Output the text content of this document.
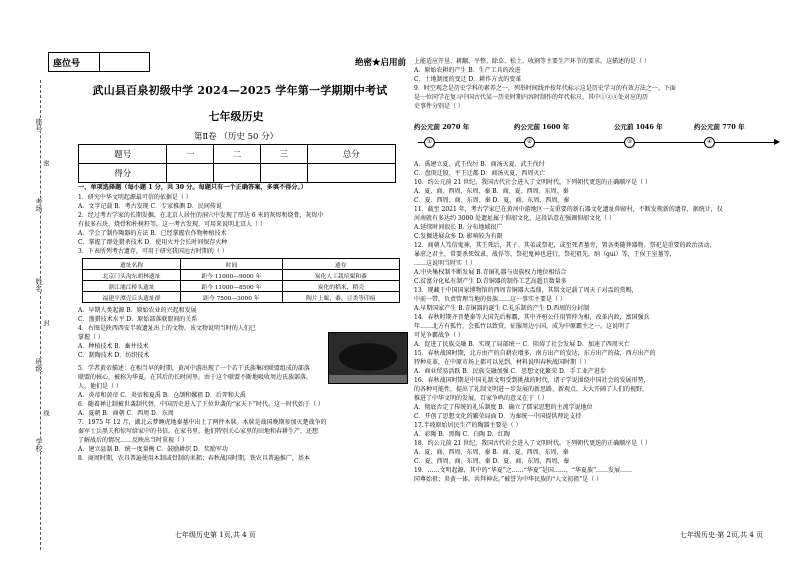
座号
考场
姓名
班级
学校
密
封
线
座位号	绝密★启用前
武山县百泉初级中学 2024—2025 学年第一学期期中考试
七年级历史
第Ⅱ卷 （历史 50 分）
题号	一	二	三	总分
得分				
一、单项选择题（每小题 1 分，共 30 分。每题只有一个正确答案，多填不得分。）
1．研究中华文明起源最可信的依据是（ ）
A．文字记载 B．考古发现 C．专家推测 D．民间传说
2．经过考古学家的长期发掘，在北京人居住的洞穴中发现了厚达 6 米的灰烬和烧骨，灰烬中
有很多石块、烧骨和朴树籽等，这一考古发现，可用来说明北京人（ ）
A．学会了制作陶器的方法 B．已经掌握农作物种植技术
C．掌握了群处猎杀技术 D．使用火并会长时间保存火种
3．下表所列考古遗存，可用于研究我国远古时期的（ ）
遗址名称	时间	遗存
北京门头沟东胡林遗址	距今 11000—9000 年	炭化人工栽培粟和黍
浙江浦江桥头遗址	距今 11000—8500 年	炭化的稻米、稻壳
福建平潭壳丘头遗址群	距今 7500—3000 年	陶片上粟、黍、豆类等印痕
A．早期人类起源 B．原始农业的兴起和发展
C．渔猎技术水平 D．原始部落联盟间的关系
4．右图是陕西西安半坡遗址出土的文物。该文物说明当时的人们已
掌握（ ）
A．种植技术 B．畜井技术
C．制陶技术 D．纺织技术
5．学者黄帝描述：在相当早的时期，黄河中游出现了一个若干氏族集团联盟组成的部落
联盟的核心，被称为华夏。在其后的长时间里，由于这个联盟不断地吸收周边氏族部落，
人，他们是（ ）
A．炎帝和黄帝 C．炎帝和夏禹 B．仓颉和嫘祖 D．后羿和大禹
6．随着禅让制被世袭制代替，中国历史进入了王位世袭的“家天下”时代。这一时代始于（ ）
A．夏朝 B．商朝 C．西周 D．东周
7．1975 年 12 月，湖北云梦睡虎地秦墓中出土了两件木牍。木牍是战国晚期参加灭楚战争的
秦军士兵黑夫和惊写给家中的书信。在家书里，他们特别关心家里的田地和春耕生产，还想
了解战后的情况……反映出当时重视（ ）
A．建立县制 B．统一度量衡 C．鼓励耕织 D．奖励军功
8．商周时期，农具普遍使用木制或骨制的耒耜；春秋战国时期，铁农具普遍推广，基本
上能适应开垦、耕翻、平整、除草、松土、收割等主要生产环节的要求。这描述的是（ ）
A．原始农耕的产生 B．生产工具的改进
C．土地制度的变迁 D．耕作方式的变革
9．时空观念是历史学科的素养之一，列举时间线并按年代标示这是历史学习的有效方法之一。下面
是一位同学在复习中国古代某一历史时期内容时制作的年代标尺，其中①②④处对应的历
史事件分别是（ ）
约公元前 2070 年	约公元前 1600 年	公元前 1046 年	约公元前 770 年
①	②	③	④	▶
A．禹建立夏、武王伐纣 B．商汤灭夏、武王伐纣
C．盘庚迁殷、平王迁都 D．商汤灭夏、西周灭亡
10．约公元前 21 世纪，我国古代社会进入了文明时代。下列朝代更迭的正确顺序是（ ）
A．夏、商、西周、东周、秦 B．商、夏、西周、东周、秦
C．夏、西周、商、东周、秦 D．夏、商、东周、西周、秦
11．截至 2021 年，考古学家已在黄河中游地区一支重要的新石器文化遗址仰韶村，不断发现新的遗存，据统计，仅
河南就有多达约 3000 处遗址属于仰韶文化，这段话意在强调仰韶文化（ ）
A.延续时间很长 B. 分布地域很广
C.发掘进展众多 D. 影响较为有限
12．商朝人笃信鬼神，其王死后，其子、其弟或祭祀，或至死者墓旁，置各类随葬器物。祭祀是重要的政治活动，
暴虐之君主，常要杀死奴隶、战俘等，祭祀鬼神也进行，祭祀祖先，纳（gui）等，王侯王室墓等，
……这说明当时实（ ）
A.中央集权制不断发展 B.青铜礼器与贵族权力地位相结合
C.贫富分化私有制产生 D.青铜器的制作工艺高超且数量多
13．现藏于中国国家博物馆的西周青铜器大盂鼎，其铭文记载了周天子对盂的赏赐，
中前一带，负责管理当地的贵族……这一事实主要是（ ）
A.早期国家产生 B.青铜器的诞生 C.礼乐制的产生 D.西周的分封制
14．春秋时期齐晋楚秦等大国先后称霸，其中齐桓公任用管仲为相，改革内政，富国强兵
年……北方有孤竹，会孤竹以致赏，征服周边小国，成为中原霸主之一。这说明了
可见争霸战争（ ）
A．促进了民族交融 B．实现了局部统一 C．阻碍了社会发展 D．加速了西周灭亡
15．春秋战国时期，北方由产的自耕农增多，南方出产的发达，东方出产的盐，西方出产的
特种皮革，在中原市场上都可以见到。材料说明春秋战国时期（ ）
A．商业贸易活跃 B．民族交融加强 C．思想文化繁荣 D．手工业产进步
16．春秋战国时期是中国礼制文明受到挑战的时代，诸子学说围绕中国社会的发展形势，
的各种可能性，提出了礼制文明进一步发展的新思路、新观点，大大开阔了人们的视野，
推进了中华文明的发展，百家争鸣的意义在于（ ）
A．彻底否定了传统的礼乐制度 B．确立了儒家思想的主流学说地位
C．开创了思想文化的繁荣局面 D．为秦统一中国提供理论支持
17.半坡原始居民生产的陶器主要是（ ）
A．彩陶 B．黑陶 C．白陶 D．红陶
18．约公元前 21 世纪，我国古代社会进入了文明时代。下列朝代更迭的正确顺序是（ ）
A．夏、商、西周、东周、秦 B．商、夏、西周、东周、秦
C．夏、西周、商、东周、秦 D．夏、商、东周、西周、秦
19．……文明起源，其中的“华夏”之……“华夏”是国……，“华夏族”……发展……
同尊始祖；炎黄一体，共拜神农。”被誉为中华民族的“人文初祖”是（ ）
七年级历史第 1页,共 4 页	七年级历史·第 2页,共 4 页
